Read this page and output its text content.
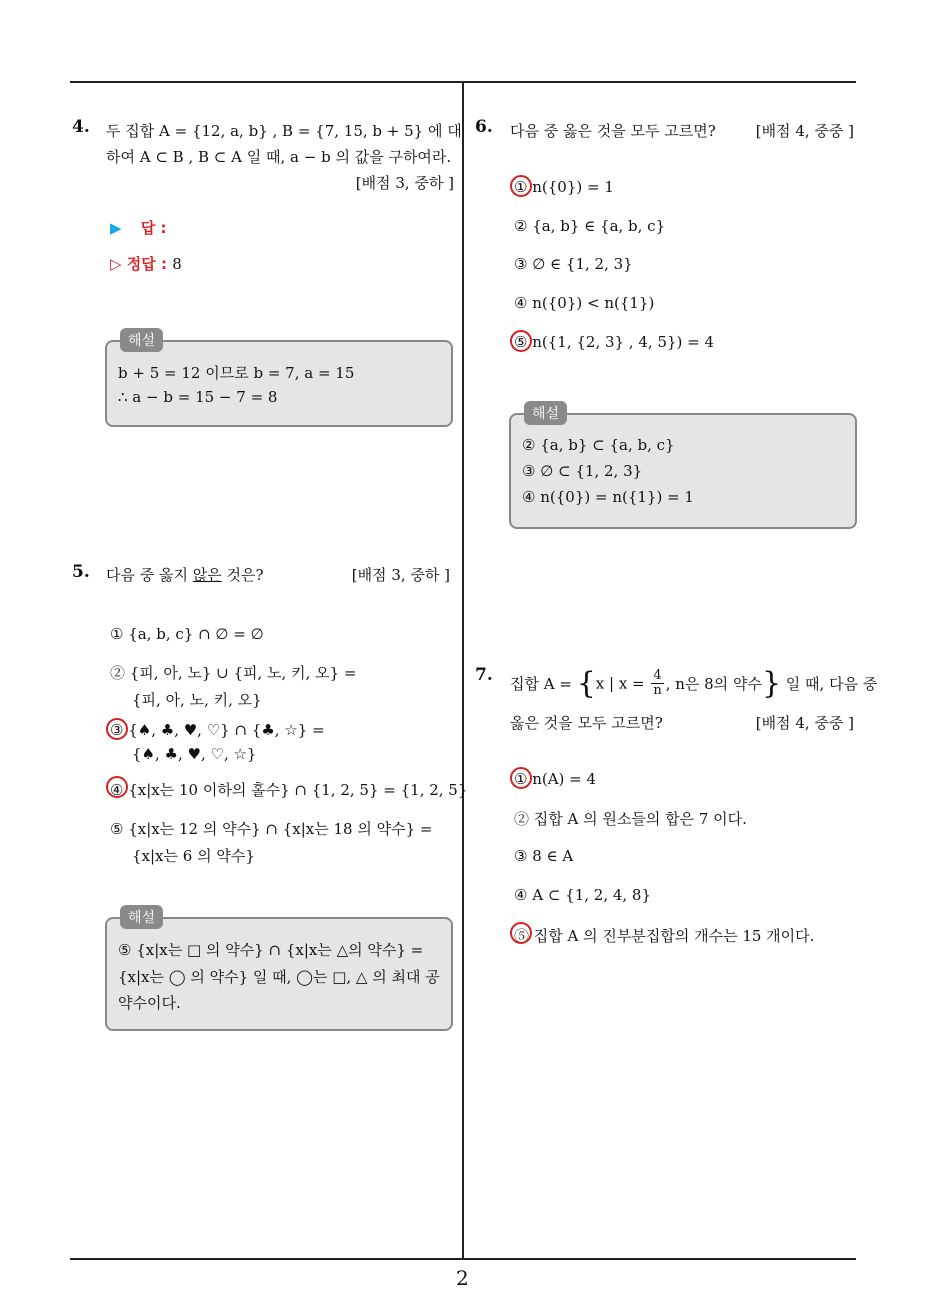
2
4. 두 집합 A = {12, a, b} , B = {7, 15, b + 5} 에 대
하여 A ⊂ B , B ⊂ A 일 때, a − b 의 값을 구하여라.
[배점 3, 중하 ]
▶ 답 :
▷ 정답 : 8
해설
b + 5 = 12 이므로 b = 7, a = 15
∴ a − b = 15 − 7 = 8
5. 다음 중 옳지 않은 것은?	[배점 3, 중하 ]
① {a, b, c} ∩ ∅ = ∅
② {피, 아, 노} ∪ {피, 노, 키, 오} =
{피, 아, 노, 키, 오}
③ {♠, ♣, ♥, ♡} ∩ {♣, ☆} =
{♠, ♣, ♥, ♡, ☆}
④ {x|x는 10 이하의 홀수} ∩ {1, 2, 5} = {1, 2, 5}
⑤ {x|x는 12 의 약수} ∩ {x|x는 18 의 약수} =
{x|x는 6 의 약수}
해설
⑤ {x|x는 □ 의 약수} ∩ {x|x는 △의 약수} =
{x|x는 ◯ 의 약수} 일 때, ◯는 □, △ 의 최대 공
약수이다.
6. 다음 중 옳은 것을 모두 고르면?	[배점 4, 중중 ]
① n({0}) = 1
② {a, b} ∈ {a, b, c}
③ ∅ ∈ {1, 2, 3}
④ n({0}) < n({1})
⑤ n({1, {2, 3} , 4, 5}) = 4
해설
② {a, b} ⊂ {a, b, c}
③ ∅ ⊂ {1, 2, 3}
④ n({0}) = n({1}) = 1
7. 집합 A = {x | $x = \frac{4}{n}$ , n은 8의 약수} 일 때, 다음 중
옳은 것을 모두 고르면?	[배점 4, 중중 ]
① n(A) = 4
② 집합 A 의 원소들의 합은 7 이다.
③ 8 ∈ A
④ A ⊂ {1, 2, 4, 8}
⑤ 집합 A 의 진부분집합의 개수는 15 개이다.
